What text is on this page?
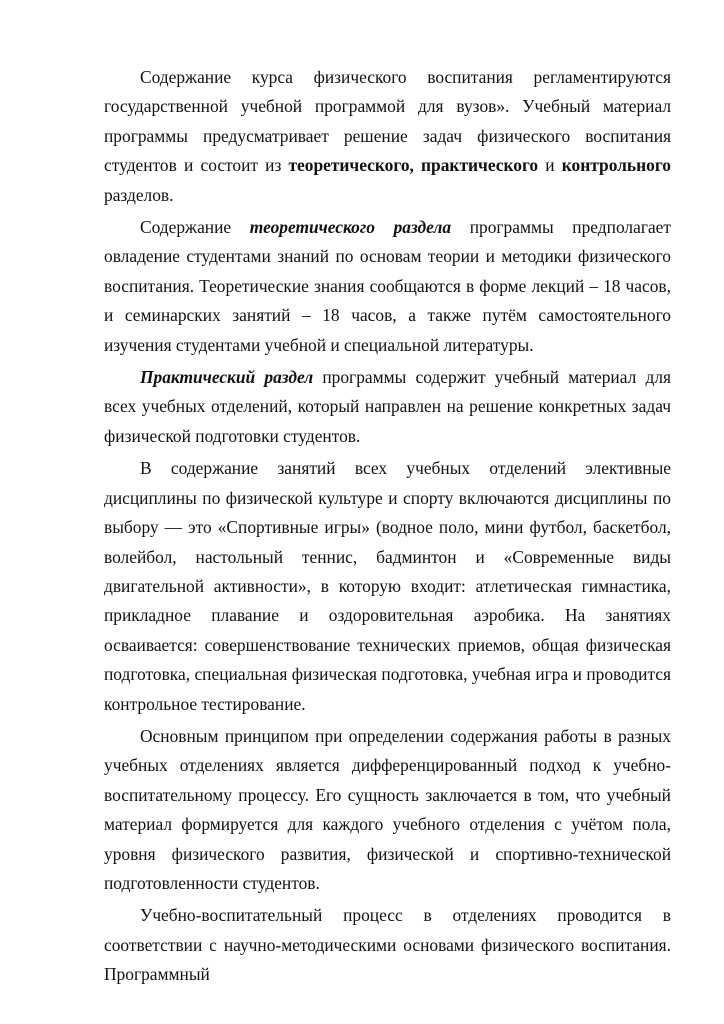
Содержание курса физического воспитания регламентируются государственной учебной программой для вузов». Учебный материал программы предусматривает решение задач физического воспитания студентов и состоит из теоретического, практического и контрольного разделов.

Содержание теоретического раздела программы предполагает овладение студентами знаний по основам теории и методики физического воспитания. Теоретические знания сообщаются в форме лекций – 18 часов, и семинарских занятий – 18 часов, а также путём самостоятельного изучения студентами учебной и специальной литературы.

Практический раздел программы содержит учебный материал для всех учебных отделений, который направлен на решение конкретных задач физической подготовки студентов.

В содержание занятий всех учебных отделений элективные дисциплины по физической культуре и спорту включаются дисциплины по выбору — это «Спортивные игры» (водное поло, мини футбол, баскетбол, волейбол, настольный теннис, бадминтон и «Современные виды двигательной активности», в которую входит: атлетическая гимнастика, прикладное плавание и оздоровительная аэробика. На занятиях осваивается: совершенствование технических приемов, общая физическая подготовка, специальная физическая подготовка, учебная игра и проводится контрольное тестирование.

Основным принципом при определении содержания работы в разных учебных отделениях является дифференцированный подход к учебно-воспитательному процессу. Его сущность заключается в том, что учебный материал формируется для каждого учебного отделения с учётом пола, уровня физического развития, физической и спортивно-технической подготовленности студентов.

Учебно-воспитательный процесс в отделениях проводится в соответствии с научно-методическими основами физического воспитания. Программный
